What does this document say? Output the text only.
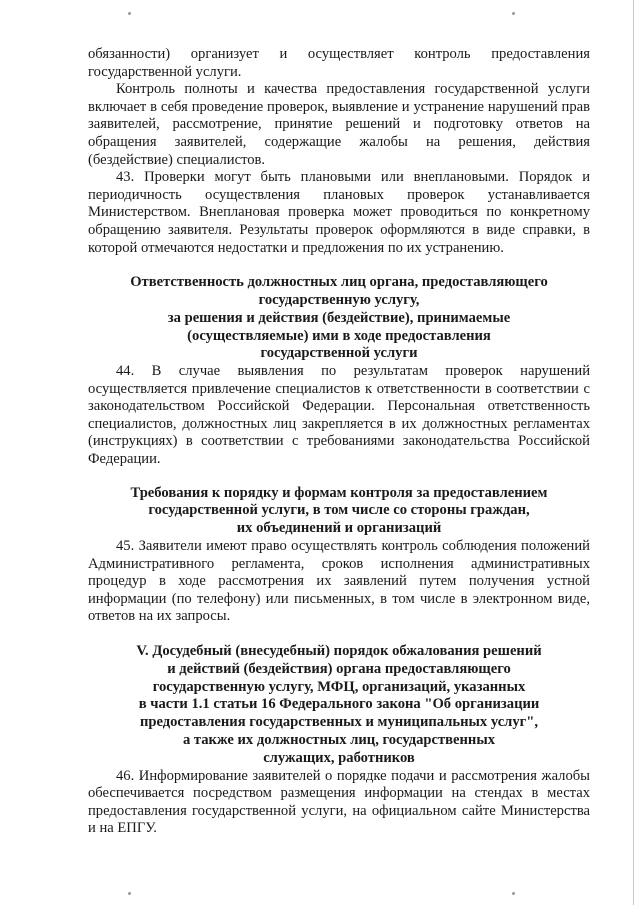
обязанности) организует и осуществляет контроль предоставления государственной услуги.

Контроль полноты и качества предоставления государственной услуги включает в себя проведение проверок, выявление и устранение нарушений прав заявителей, рассмотрение, принятие решений и подготовку ответов на обращения заявителей, содержащие жалобы на решения, действия (бездействие) специалистов.

43. Проверки могут быть плановыми или внеплановыми. Порядок и периодичность осуществления плановых проверок устанавливается Министерством. Внеплановая проверка может проводиться по конкретному обращению заявителя. Результаты проверок оформляются в виде справки, в которой отмечаются недостатки и предложения по их устранению.

Ответственность должностных лиц органа, предоставляющего

государственную услугу,

за решения и действия (бездействие), принимаемые

(осуществляемые) ими в ходе предоставления

государственной услуги

44. В случае выявления по результатам проверок нарушений осуществляется привлечение специалистов к ответственности в соответствии с законодательством Российской Федерации. Персональная ответственность специалистов, должностных лиц закрепляется в их должностных регламентах (инструкциях) в соответствии с требованиями законодательства Российской Федерации.

Требования к порядку и формам контроля за предоставлением

государственной услуги, в том числе со стороны граждан,

их объединений и организаций

45. Заявители имеют право осуществлять контроль соблюдения положений Административного регламента, сроков исполнения административных процедур в ходе рассмотрения их заявлений путем получения устной информации (по телефону) или письменных, в том числе в электронном виде, ответов на их запросы.

V. Досудебный (внесудебный) порядок обжалования решений

и действий (бездействия) органа предоставляющего

государственную услугу, МФЦ, организаций, указанных

в части 1.1 статьи 16 Федерального закона "Об организации

предоставления государственных и муниципальных услуг",

а также их должностных лиц, государственных

служащих, работников

46. Информирование заявителей о порядке подачи и рассмотрения жалобы обеспечивается посредством размещения информации на стендах в местах предоставления государственной услуги, на официальном сайте Министерства и на ЕПГУ.
